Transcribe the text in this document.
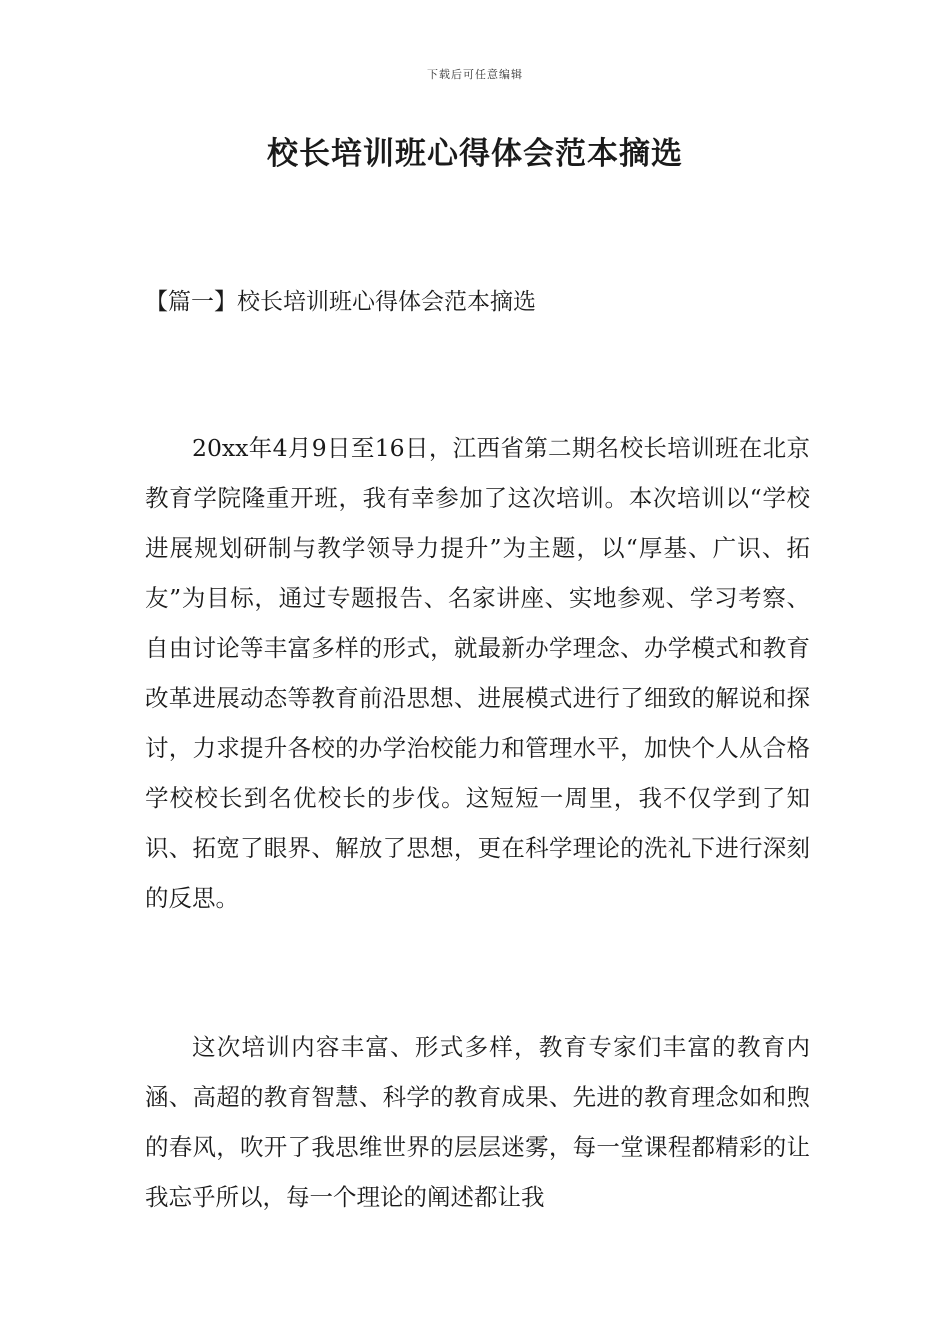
下载后可任意编辑
校长培训班心得体会范本摘选
【篇一】校长培训班心得体会范本摘选

20xx年4月9日至16日，江西省第二期名校长培训班在北京教育学院隆重开班，我有幸参加了这次培训。本次培训以“学校进展规划研制与教学领导力提升”为主题，以“厚基、广识、拓友”为目标，通过专题报告、名家讲座、实地参观、学习考察、自由讨论等丰富多样的形式，就最新办学理念、办学模式和教育改革进展动态等教育前沿思想、进展模式进行了细致的解说和探讨，力求提升各校的办学治校能力和管理水平，加快个人从合格学校校长到名优校长的步伐。这短短一周里，我不仅学到了知识、拓宽了眼界、解放了思想，更在科学理论的洗礼下进行深刻的反思。

这次培训内容丰富、形式多样，教育专家们丰富的教育内涵、高超的教育智慧、科学的教育成果、先进的教育理念如和煦的春风，吹开了我思维世界的层层迷雾，每一堂课程都精彩的让我忘乎所以，每一个理论的阐述都让我
